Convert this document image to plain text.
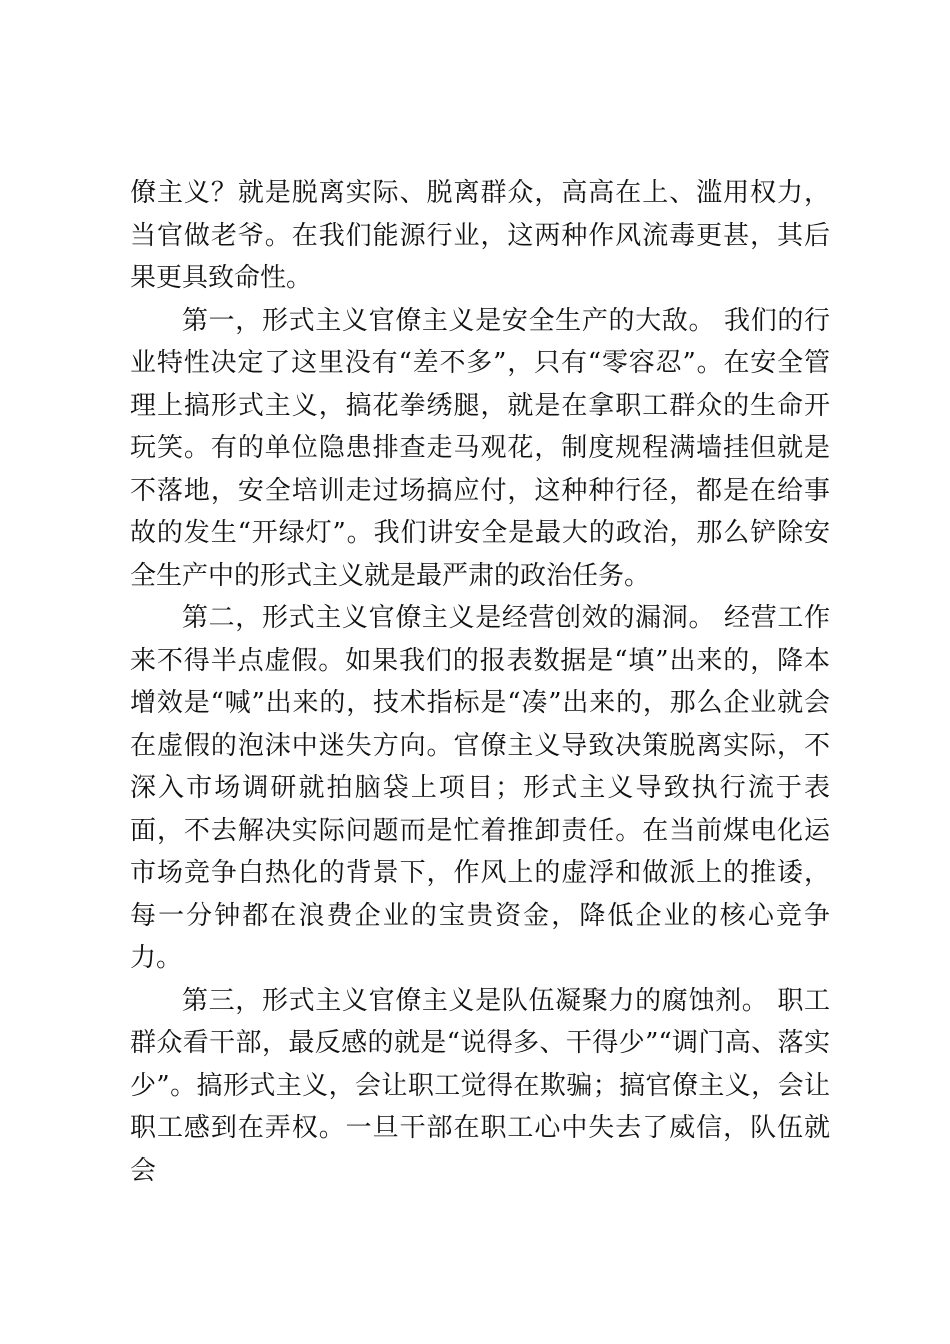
僚主义？就是脱离实际、脱离群众，高高在上、滥用权力，当官做老爷。在我们能源行业，这两种作风流毒更甚，其后果更具致命性。

第一，形式主义官僚主义是安全生产的大敌。 我们的行业特性决定了这里没有“差不多”，只有“零容忍”。在安全管理上搞形式主义，搞花拳绣腿，就是在拿职工群众的生命开玩笑。有的单位隐患排查走马观花，制度规程满墙挂但就是不落地，安全培训走过场搞应付，这种种行径，都是在给事故的发生“开绿灯”。我们讲安全是最大的政治，那么铲除安全生产中的形式主义就是最严肃的政治任务。

第二，形式主义官僚主义是经营创效的漏洞。 经营工作来不得半点虚假。如果我们的报表数据是“填”出来的，降本增效是“喊”出来的，技术指标是“凑”出来的，那么企业就会在虚假的泡沫中迷失方向。官僚主义导致决策脱离实际，不深入市场调研就拍脑袋上项目；形式主义导致执行流于表面，不去解决实际问题而是忙着推卸责任。在当前煤电化运市场竞争白热化的背景下，作风上的虚浮和做派上的推诿，每一分钟都在浪费企业的宝贵资金，降低企业的核心竞争力。

第三，形式主义官僚主义是队伍凝聚力的腐蚀剂。 职工群众看干部，最反感的就是“说得多、干得少”“调门高、落实少”。搞形式主义，会让职工觉得在欺骗；搞官僚主义，会让职工感到在弄权。一旦干部在职工心中失去了威信，队伍就会
